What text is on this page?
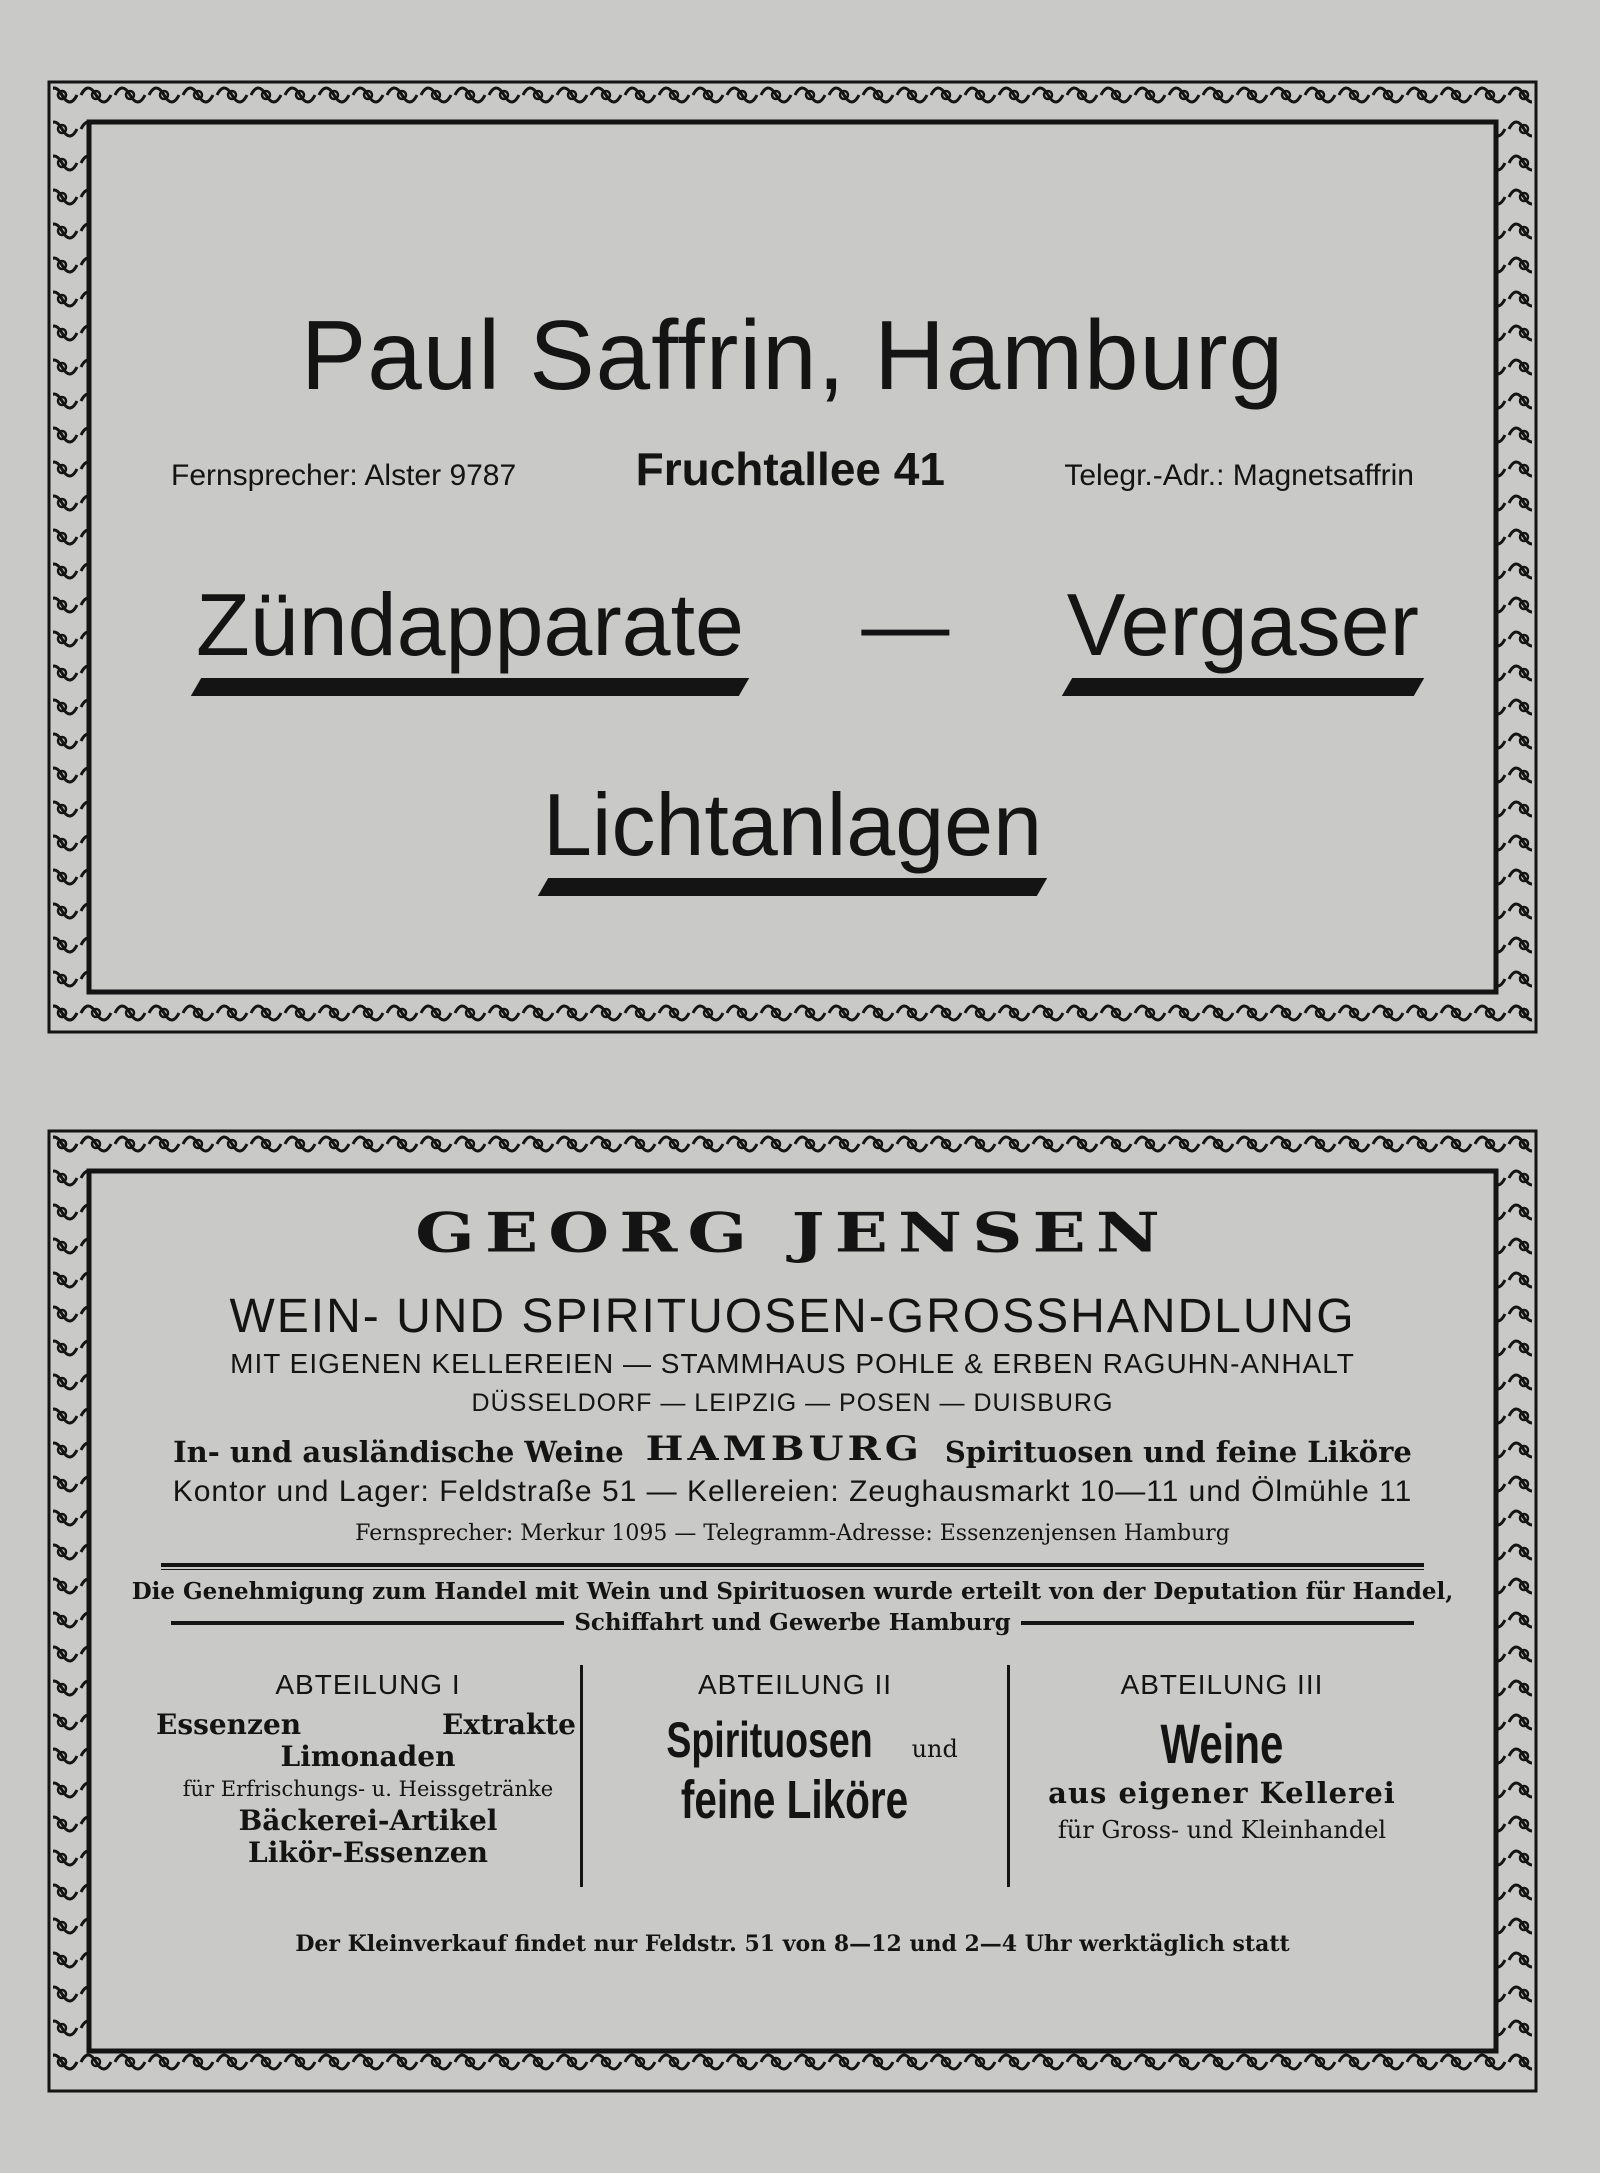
Paul Saffrin, Hamburg
Fernsprecher: Alster 9787	Fruchtallee 41	Telegr.-Adr.: Magnetsaffrin
Zündapparate — Vergaser
Lichtanlagen
GEORG JENSEN
WEIN- UND SPIRITUOSEN-GROSSHANDLUNG
MIT EIGENEN KELLEREIEN — STAMMHAUS POHLE & ERBEN RAGUHN-ANHALT
DÜSSELDORF — LEIPZIG — POSEN — DUISBURG
In- und ausländische Weine HAMBURG Spirituosen und feine Liköre
Kontor und Lager: Feldstraße 51 — Kellereien: Zeughausmarkt 10—11 und Ölmühle 11
Fernsprecher: Merkur 1095 — Telegramm-Adresse: Essenzenjensen Hamburg
Die Genehmigung zum Handel mit Wein und Spirituosen wurde erteilt von der Deputation für Handel,
Schiffahrt und Gewerbe Hamburg
ABTEILUNG I
Essenzen	Extrakte
Limonaden
für Erfrischungs- u. Heissgetränke
Bäckerei-Artikel
Likör-Essenzen
ABTEILUNG II
Spirituosen und
feine Liköre
ABTEILUNG III
Weine
aus eigener Kellerei
für Gross- und Kleinhandel
Der Kleinverkauf findet nur Feldstr. 51 von 8—12 und 2—4 Uhr werktäglich statt
